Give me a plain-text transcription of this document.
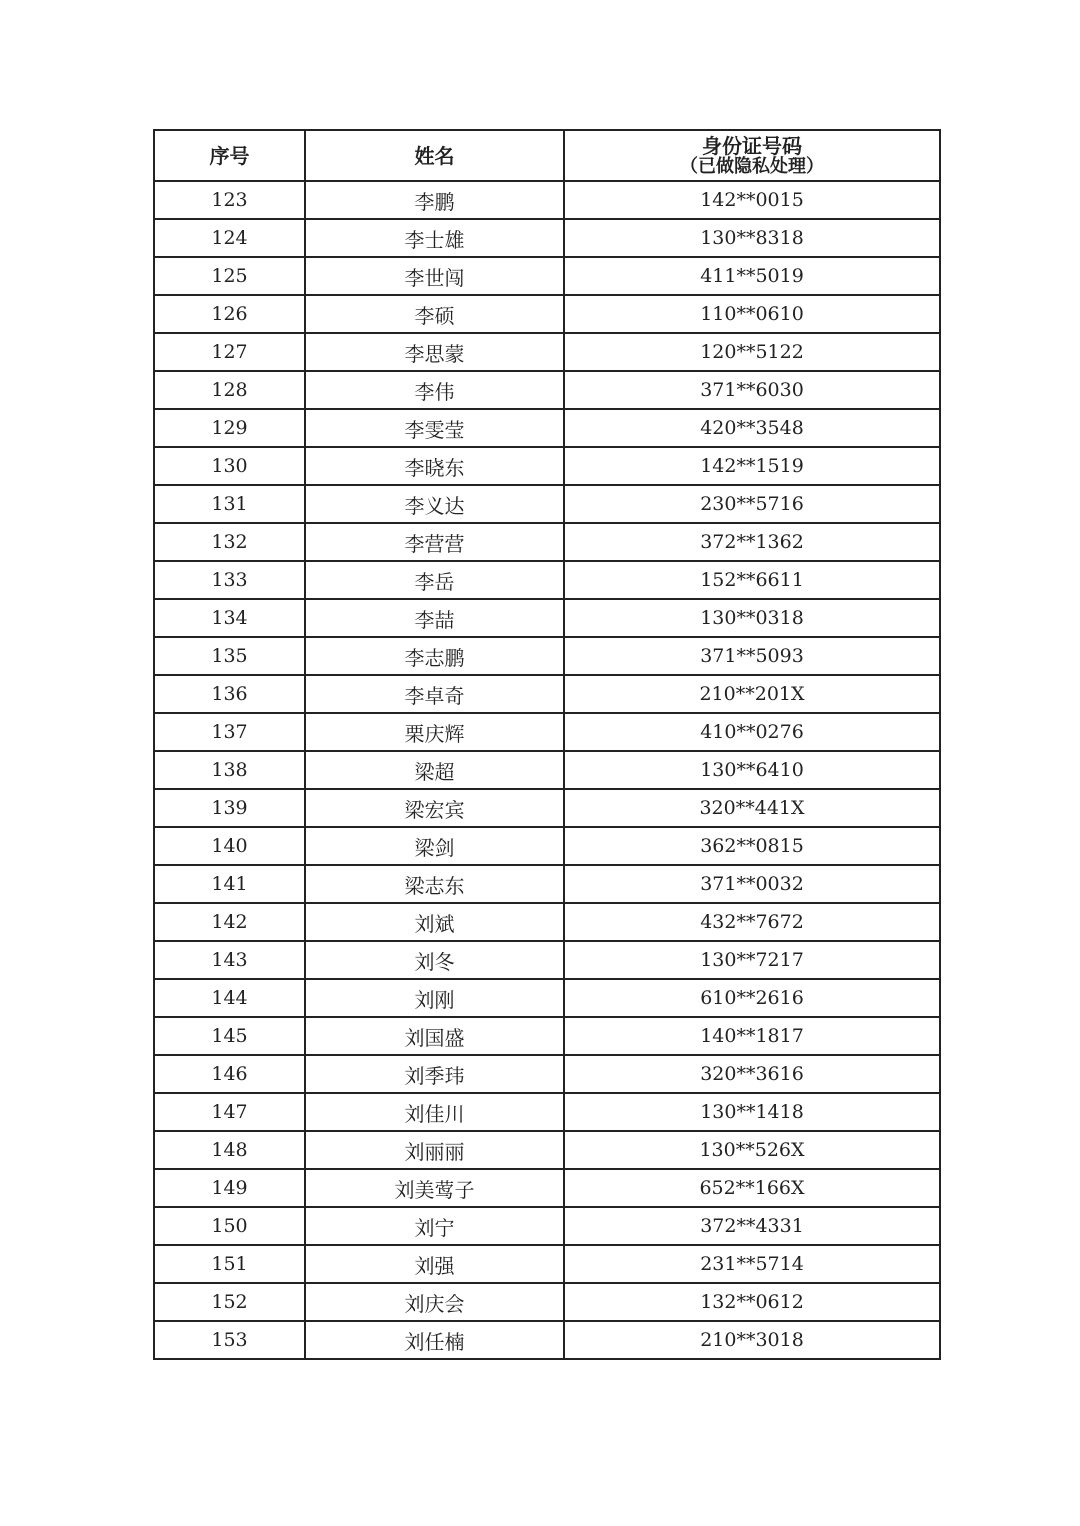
序号	姓名	身份证号码
（已做隐私处理）

123	李鹏	142**0015
124	李士雄	130**8318
125	李世闯	411**5019
126	李硕	110**0610
127	李思蒙	120**5122
128	李伟	371**6030
129	李雯莹	420**3548
130	李晓东	142**1519
131	李义达	230**5716
132	李营营	372**1362
133	李岳	152**6611
134	李喆	130**0318
135	李志鹏	371**5093
136	李卓奇	210**201X
137	栗庆辉	410**0276
138	梁超	130**6410
139	梁宏宾	320**441X
140	梁剑	362**0815
141	梁志东	371**0032
142	刘斌	432**7672
143	刘冬	130**7217
144	刘刚	610**2616
145	刘国盛	140**1817
146	刘季玮	320**3616
147	刘佳川	130**1418
148	刘丽丽	130**526X
149	刘美莺子	652**166X
150	刘宁	372**4331
151	刘强	231**5714
152	刘庆会	132**0612
153	刘任楠	210**3018
